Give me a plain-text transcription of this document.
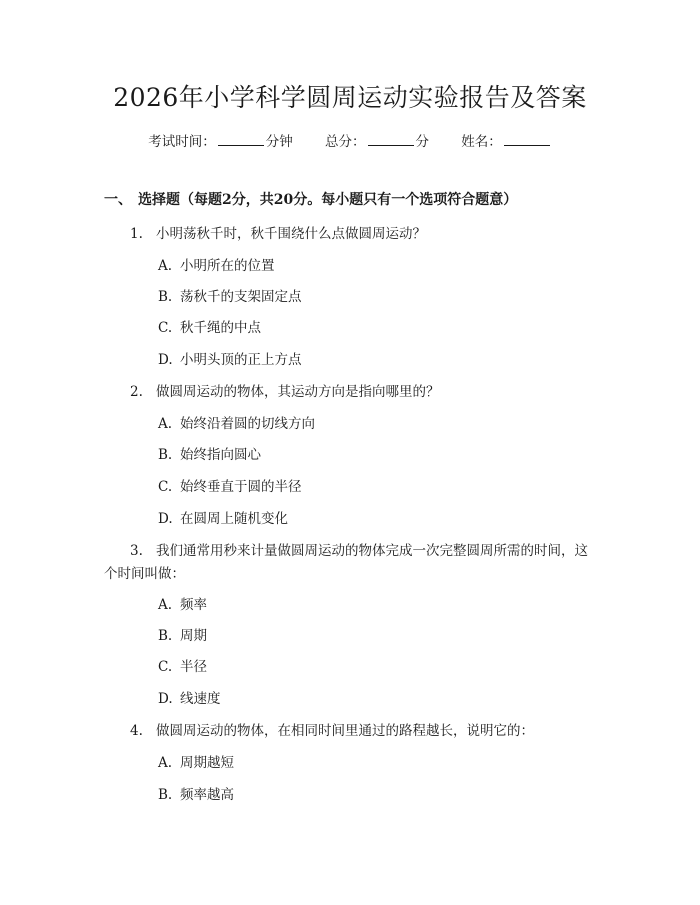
2026年小学科学圆周运动实验报告及答案
考试时间：	分钟 总分：	分 姓名：
一、 选择题（每题2分，共20分。每小题只有一个选项符合题意）
1. 小明荡秋千时，秋千围绕什么点做圆周运动？
A. 小明所在的位置
B. 荡秋千的支架固定点
C. 秋千绳的中点
D. 小明头顶的正上方点
2. 做圆周运动的物体，其运动方向是指向哪里的？
A. 始终沿着圆的切线方向
B. 始终指向圆心
C. 始终垂直于圆的半径
D. 在圆周上随机变化
3. 我们通常用秒来计量做圆周运动的物体完成一次完整圆周所需的时间，这
个时间叫做：
A. 频率
B. 周期
C. 半径
D. 线速度
4. 做圆周运动的物体，在相同时间里通过的路程越长，说明它的：
A. 周期越短
B. 频率越高
